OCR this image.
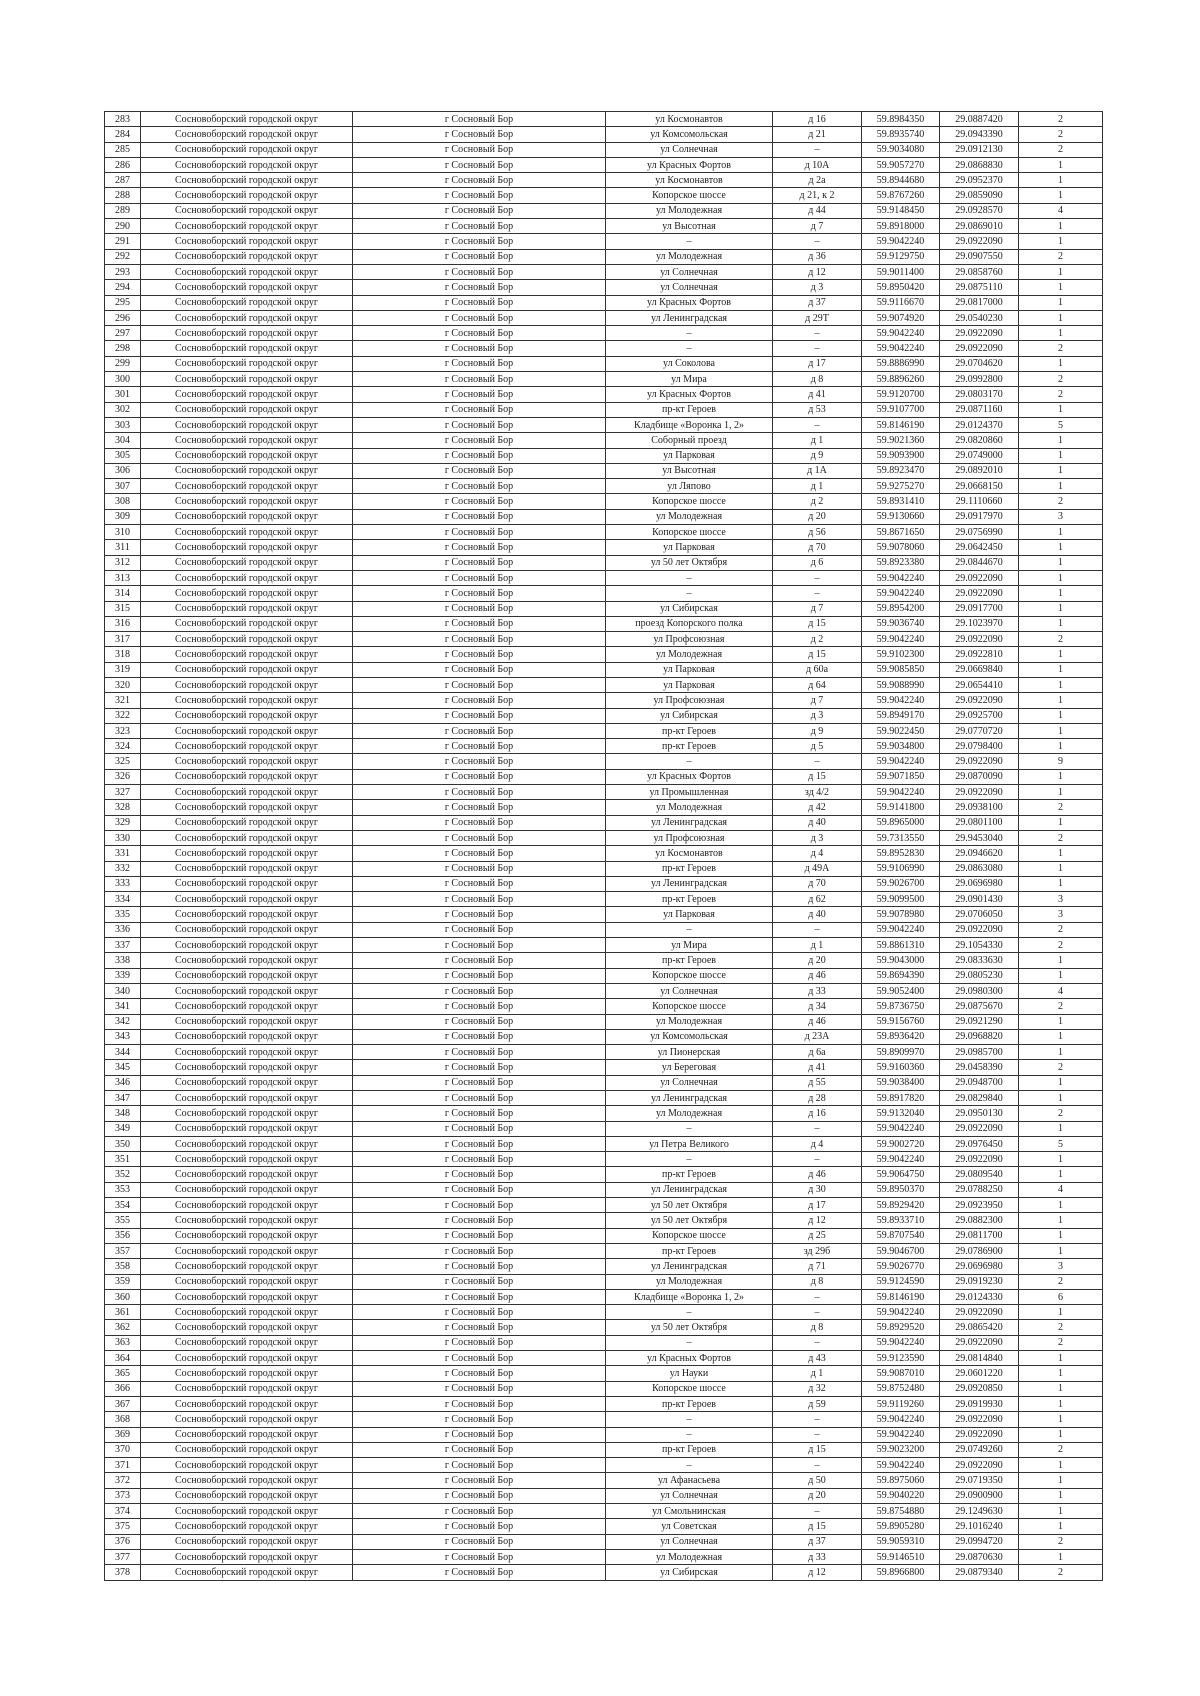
283	Сосновоборский городской округ	г Сосновый Бор	ул Космонавтов	д 16	59.8984350	29.0887420	2
284	Сосновоборский городской округ	г Сосновый Бор	ул Комсомольская	д 21	59.8935740	29.0943390	2
285	Сосновоборский городской округ	г Сосновый Бор	ул Солнечная	–	59.9034080	29.0912130	2
286	Сосновоборский городской округ	г Сосновый Бор	ул Красных Фортов	д 10А	59.9057270	29.0868830	1
287	Сосновоборский городской округ	г Сосновый Бор	ул Космонавтов	д 2а	59.8944680	29.0952370	1
288	Сосновоборский городской округ	г Сосновый Бор	Копорское шоссе	д 21, к 2	59.8767260	29.0859090	1
289	Сосновоборский городской округ	г Сосновый Бор	ул Молодежная	д 44	59.9148450	29.0928570	4
290	Сосновоборский городской округ	г Сосновый Бор	ул Высотная	д 7	59.8918000	29.0869010	1
291	Сосновоборский городской округ	г Сосновый Бор	–	–	59.9042240	29.0922090	1
292	Сосновоборский городской округ	г Сосновый Бор	ул Молодежная	д 36	59.9129750	29.0907550	2
293	Сосновоборский городской округ	г Сосновый Бор	ул Солнечная	д 12	59.9011400	29.0858760	1
294	Сосновоборский городской округ	г Сосновый Бор	ул Солнечная	д 3	59.8950420	29.0875110	1
295	Сосновоборский городской округ	г Сосновый Бор	ул Красных Фортов	д 37	59.9116670	29.0817000	1
296	Сосновоборский городской округ	г Сосновый Бор	ул Ленинградская	д 29Т	59.9074920	29.0540230	1
297	Сосновоборский городской округ	г Сосновый Бор	–	–	59.9042240	29.0922090	1
298	Сосновоборский городской округ	г Сосновый Бор	–	–	59.9042240	29.0922090	2
299	Сосновоборский городской округ	г Сосновый Бор	ул Соколова	д 17	59.8886990	29.0704620	1
300	Сосновоборский городской округ	г Сосновый Бор	ул Мира	д 8	59.8896260	29.0992800	2
301	Сосновоборский городской округ	г Сосновый Бор	ул Красных Фортов	д 41	59.9120700	29.0803170	2
302	Сосновоборский городской округ	г Сосновый Бор	пр-кт Героев	д 53	59.9107700	29.0871160	1
303	Сосновоборский городской округ	г Сосновый Бор	Кладбище «Воронка 1, 2»	–	59.8146190	29.0124370	5
304	Сосновоборский городской округ	г Сосновый Бор	Соборный проезд	д 1	59.9021360	29.0820860	1
305	Сосновоборский городской округ	г Сосновый Бор	ул Парковая	д 9	59.9093900	29.0749000	1
306	Сосновоборский городской округ	г Сосновый Бор	ул Высотная	д 1А	59.8923470	29.0892010	1
307	Сосновоборский городской округ	г Сосновый Бор	ул Ляпово	д 1	59.9275270	29.0668150	1
308	Сосновоборский городской округ	г Сосновый Бор	Копорское шоссе	д 2	59.8931410	29.1110660	2
309	Сосновоборский городской округ	г Сосновый Бор	ул Молодежная	д 20	59.9130660	29.0917970	3
310	Сосновоборский городской округ	г Сосновый Бор	Копорское шоссе	д 56	59.8671650	29.0756990	1
311	Сосновоборский городской округ	г Сосновый Бор	ул Парковая	д 70	59.9078060	29.0642450	1
312	Сосновоборский городской округ	г Сосновый Бор	ул 50 лет Октября	д 6	59.8923380	29.0844670	1
313	Сосновоборский городской округ	г Сосновый Бор	–	–	59.9042240	29.0922090	1
314	Сосновоборский городской округ	г Сосновый Бор	–	–	59.9042240	29.0922090	1
315	Сосновоборский городской округ	г Сосновый Бор	ул Сибирская	д 7	59.8954200	29.0917700	1
316	Сосновоборский городской округ	г Сосновый Бор	проезд Копорского полка	д 15	59.9036740	29.1023970	1
317	Сосновоборский городской округ	г Сосновый Бор	ул Профсоюзная	д 2	59.9042240	29.0922090	2
318	Сосновоборский городской округ	г Сосновый Бор	ул Молодежная	д 15	59.9102300	29.0922810	1
319	Сосновоборский городской округ	г Сосновый Бор	ул Парковая	д 60а	59.9085850	29.0669840	1
320	Сосновоборский городской округ	г Сосновый Бор	ул Парковая	д 64	59.9088990	29.0654410	1
321	Сосновоборский городской округ	г Сосновый Бор	ул Профсоюзная	д 7	59.9042240	29.0922090	1
322	Сосновоборский городской округ	г Сосновый Бор	ул Сибирская	д 3	59.8949170	29.0925700	1
323	Сосновоборский городской округ	г Сосновый Бор	пр-кт Героев	д 9	59.9022450	29.0770720	1
324	Сосновоборский городской округ	г Сосновый Бор	пр-кт Героев	д 5	59.9034800	29.0798400	1
325	Сосновоборский городской округ	г Сосновый Бор	–	–	59.9042240	29.0922090	9
326	Сосновоборский городской округ	г Сосновый Бор	ул Красных Фортов	д 15	59.9071850	29.0870090	1
327	Сосновоборский городской округ	г Сосновый Бор	ул Промышленная	зд 4/2	59.9042240	29.0922090	1
328	Сосновоборский городской округ	г Сосновый Бор	ул Молодежная	д 42	59.9141800	29.0938100	2
329	Сосновоборский городской округ	г Сосновый Бор	ул Ленинградская	д 40	59.8965000	29.0801100	1
330	Сосновоборский городской округ	г Сосновый Бор	ул Профсоюзная	д 3	59.7313550	29.9453040	2
331	Сосновоборский городской округ	г Сосновый Бор	ул Космонавтов	д 4	59.8952830	29.0946620	1
332	Сосновоборский городской округ	г Сосновый Бор	пр-кт Героев	д 49А	59.9106990	29.0863080	1
333	Сосновоборский городской округ	г Сосновый Бор	ул Ленинградская	д 70	59.9026700	29.0696980	1
334	Сосновоборский городской округ	г Сосновый Бор	пр-кт Героев	д 62	59.9099500	29.0901430	3
335	Сосновоборский городской округ	г Сосновый Бор	ул Парковая	д 40	59.9078980	29.0706050	3
336	Сосновоборский городской округ	г Сосновый Бор	–	–	59.9042240	29.0922090	2
337	Сосновоборский городской округ	г Сосновый Бор	ул Мира	д 1	59.8861310	29.1054330	2
338	Сосновоборский городской округ	г Сосновый Бор	пр-кт Героев	д 20	59.9043000	29.0833630	1
339	Сосновоборский городской округ	г Сосновый Бор	Копорское шоссе	д 46	59.8694390	29.0805230	1
340	Сосновоборский городской округ	г Сосновый Бор	ул Солнечная	д 33	59.9052400	29.0980300	4
341	Сосновоборский городской округ	г Сосновый Бор	Копорское шоссе	д 34	59.8736750	29.0875670	2
342	Сосновоборский городской округ	г Сосновый Бор	ул Молодежная	д 46	59.9156760	29.0921290	1
343	Сосновоборский городской округ	г Сосновый Бор	ул Комсомольская	д 23А	59.8936420	29.0968820	1
344	Сосновоборский городской округ	г Сосновый Бор	ул Пионерская	д 6а	59.8909970	29.0985700	1
345	Сосновоборский городской округ	г Сосновый Бор	ул Береговая	д 41	59.9160360	29.0458390	2
346	Сосновоборский городской округ	г Сосновый Бор	ул Солнечная	д 55	59.9038400	29.0948700	1
347	Сосновоборский городской округ	г Сосновый Бор	ул Ленинградская	д 28	59.8917820	29.0829840	1
348	Сосновоборский городской округ	г Сосновый Бор	ул Молодежная	д 16	59.9132040	29.0950130	2
349	Сосновоборский городской округ	г Сосновый Бор	–	–	59.9042240	29.0922090	1
350	Сосновоборский городской округ	г Сосновый Бор	ул Петра Великого	д 4	59.9002720	29.0976450	5
351	Сосновоборский городской округ	г Сосновый Бор	–	–	59.9042240	29.0922090	1
352	Сосновоборский городской округ	г Сосновый Бор	пр-кт Героев	д 46	59.9064750	29.0809540	1
353	Сосновоборский городской округ	г Сосновый Бор	ул Ленинградская	д 30	59.8950370	29.0788250	4
354	Сосновоборский городской округ	г Сосновый Бор	ул 50 лет Октября	д 17	59.8929420	29.0923950	1
355	Сосновоборский городской округ	г Сосновый Бор	ул 50 лет Октября	д 12	59.8933710	29.0882300	1
356	Сосновоборский городской округ	г Сосновый Бор	Копорское шоссе	д 25	59.8707540	29.0811700	1
357	Сосновоборский городской округ	г Сосновый Бор	пр-кт Героев	зд 29б	59.9046700	29.0786900	1
358	Сосновоборский городской округ	г Сосновый Бор	ул Ленинградская	д 71	59.9026770	29.0696980	3
359	Сосновоборский городской округ	г Сосновый Бор	ул Молодежная	д 8	59.9124590	29.0919230	2
360	Сосновоборский городской округ	г Сосновый Бор	Кладбище «Воронка 1, 2»	–	59.8146190	29.0124330	6
361	Сосновоборский городской округ	г Сосновый Бор	–	–	59.9042240	29.0922090	1
362	Сосновоборский городской округ	г Сосновый Бор	ул 50 лет Октября	д 8	59.8929520	29.0865420	2
363	Сосновоборский городской округ	г Сосновый Бор	–	–	59.9042240	29.0922090	2
364	Сосновоборский городской округ	г Сосновый Бор	ул Красных Фортов	д 43	59.9123590	29.0814840	1
365	Сосновоборский городской округ	г Сосновый Бор	ул Науки	д 1	59.9087010	29.0601220	1
366	Сосновоборский городской округ	г Сосновый Бор	Копорское шоссе	д 32	59.8752480	29.0920850	1
367	Сосновоборский городской округ	г Сосновый Бор	пр-кт Героев	д 59	59.9119260	29.0919930	1
368	Сосновоборский городской округ	г Сосновый Бор	–	–	59.9042240	29.0922090	1
369	Сосновоборский городской округ	г Сосновый Бор	–	–	59.9042240	29.0922090	1
370	Сосновоборский городской округ	г Сосновый Бор	пр-кт Героев	д 15	59.9023200	29.0749260	2
371	Сосновоборский городской округ	г Сосновый Бор	–	–	59.9042240	29.0922090	1
372	Сосновоборский городской округ	г Сосновый Бор	ул Афанасьева	д 50	59.8975060	29.0719350	1
373	Сосновоборский городской округ	г Сосновый Бор	ул Солнечная	д 20	59.9040220	29.0900900	1
374	Сосновоборский городской округ	г Сосновый Бор	ул Смольнинская	–	59.8754880	29.1249630	1
375	Сосновоборский городской округ	г Сосновый Бор	ул Советская	д 15	59.8905280	29.1016240	1
376	Сосновоборский городской округ	г Сосновый Бор	ул Солнечная	д 37	59.9059310	29.0994720	2
377	Сосновоборский городской округ	г Сосновый Бор	ул Молодежная	д 33	59.9146510	29.0870630	1
378	Сосновоборский городской округ	г Сосновый Бор	ул Сибирская	д 12	59.8966800	29.0879340	2
